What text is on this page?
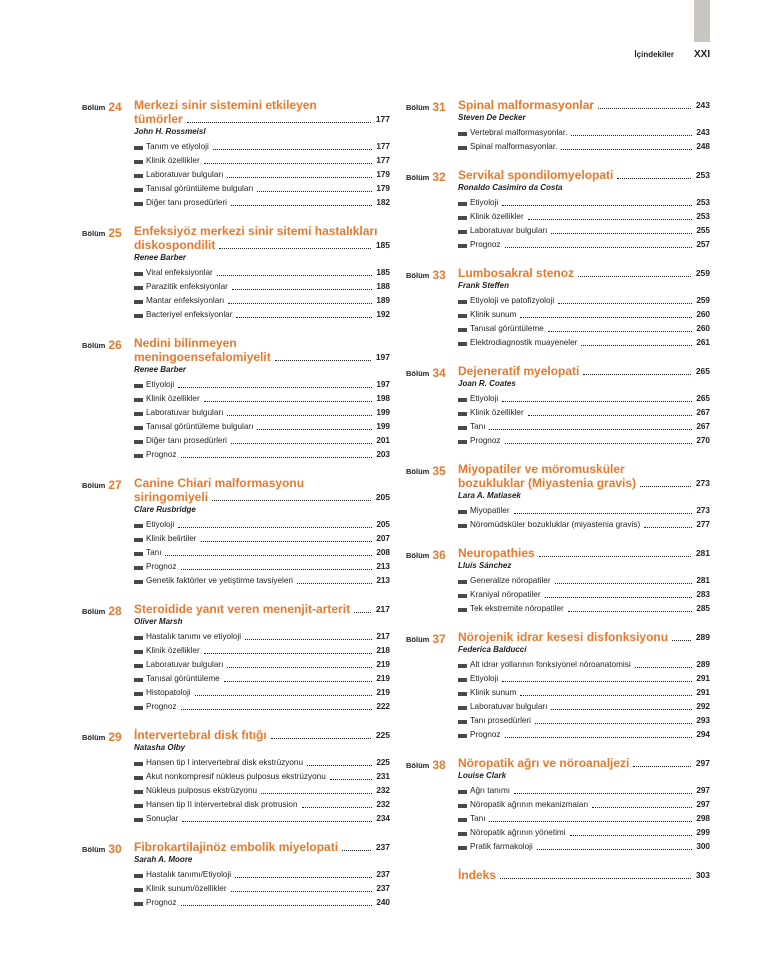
İçindekiler XXI
Bölüm 24 Merkezi sinir sistemini etkileyen
tümörler	177
John H. Rossmeisl
Tanım ve etiyoloji	177
Klinik özellikler	177
Laboratuvar bulguları	179
Tanısal görüntüleme bulguları	179
Diğer tanı prosedürleri	182
Bölüm 25 Enfeksiyöz merkezi sinir sitemi hastalıkları
diskospondilit	185
Renee Barber
Viral enfeksiyonlar	185
Parazitik enfeksiyonlar	188
Mantar enfeksiyonları	189
Bacteriyel enfeksiyonlar	192
Bölüm 26 Nedini bilinmeyen
meningoensefalomiyelit	197
Renee Barber
Etiyoloji	197
Klinik özellikler	198
Laboratuvar bulguları	199
Tanısal görüntüleme bulguları	199
Diğer tanı prosedürleri	201
Prognoz	203
Bölüm 27 Canine Chiari malformasyonu
siringomiyeli	205
Clare Rusbridge
Etiyoloji	205
Klinik belirtiler	207
Tanı	208
Prognoz	213
Genetik faktörler ve yetiştirme tavsiyeleri	213
Bölüm 28 Steroidide yanıt veren menenjit-arterit	217
Oliver Marsh
Hastalık tanımı ve etiyoloji	217
Klinik özellikler	218
Laboratuvar bulguları	219
Tanısal görüntüleme	219
Histopatoloji	219
Prognoz	222
Bölüm 29 İntervertebral disk fıtığı	225
Natasha Olby
Hansen tip I intervertebral disk ekstrüzyonu	225
Akut nonkompresif nükleus pulposus ekstrüzyonu	231
Nükleus pulposus ekstrüzyonu	232
Hansen tip II intervertebral disk protrusion	232
Sonuçlar	234
Bölüm 30 Fibrokartilajinöz embolik miyelopati	237
Sarah A. Moore
Hastalık tanımı/Etiyoloji	237
Klinik sunum/özellikler	237
Prognoz	240
Bölüm 31 Spinal malformasyonlar	243
Steven De Decker
Vertebral malformasyonlar.	243
Spinal malformasyonlar.	248
Bölüm 32 Servikal spondilomyelopati	253
Ronaldo Casimiro da Costa
Etiyoloji	253
Klinik özellikler	253
Laboratuvar bulguları	255
Prognoz	257
Bölüm 33 Lumbosakral stenoz	259
Frank Steffen
Etiyoloji ve patofizyoloji	259
Klinik sunum	260
Tanısal görüntüleme	260
Elektrodiagnostik muayeneler	261
Bölüm 34 Dejeneratif myelopati	265
Joan R. Coates
Etiyoloji	265
Klinik özellikler	267
Tanı	267
Prognoz	270
Bölüm 35 Miyopatiler ve möromusküler
bozukluklar (Miyastenia gravis)	273
Lara A. Matiasek
Miyopatiler	273
Nöromüdsküler bozukluklar (miyastenia gravis)	277
Bölüm 36 Neuropathies	281
Lluís Sánchez
Generalize nöropatiler	281
Kraniyal nöropatiler	283
Tek ekstremite nöropatiler	285
Bölüm 37 Nörojenik idrar kesesi disfonksiyonu	289
Federica Balducci
Alt idrar yollarının fonksiyonel nöroanatomisi	289
Etiyoloji	291
Klinik sunum	291
Laboratuvar bulguları	292
Tanı prosedürleri	293
Prognoz	294
Bölüm 38 Nöropatik ağrı ve nöroanaljezi	297
Louise Clark
Ağrı tanımı	297
Nöropatik ağrının mekanizmaları	297
Tanı	298
Nöropatik ağrının yönetimi	299
Pratik farmakoloji	300
İndeks	303
